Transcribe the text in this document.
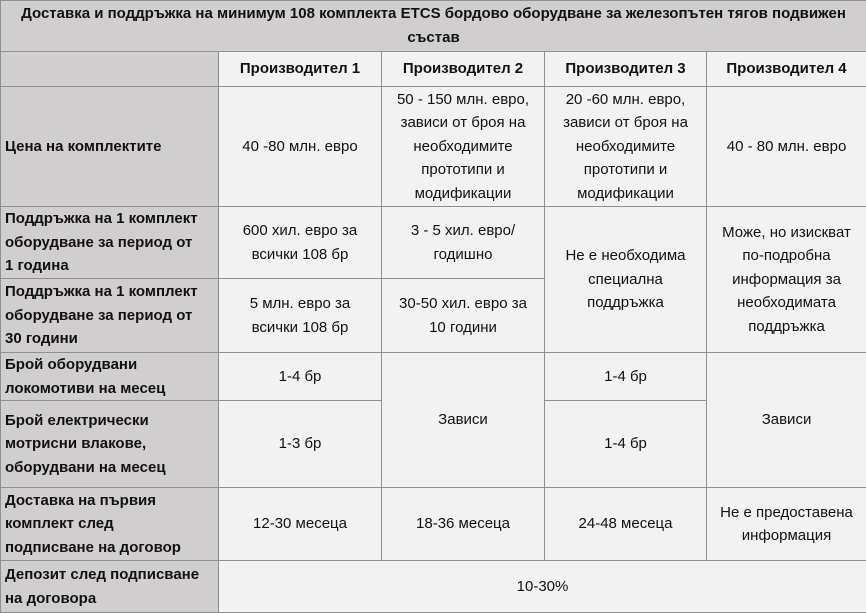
Доставка и поддръжка на минимум 108 комплекта ETCS бордово оборудване за железопътен тягов подвижен състав				
	Производител 1	Производител 2	Производител 3	Производител 4
Цена на комплектите	40 -80 млн. евро	50 - 150 млн. евро,
зависи от броя на
необходимите
прототипи и
модификации	20 -60 млн. евро,
зависи от броя на
необходимите
прототипи и
модификации	40 - 80 млн. евро
Поддръжка на 1 комплект
оборудване за период от
1 година	600 хил. евро за
всички 108 бр	3 - 5 хил. евро/
годишно	Не е необходима
специална
поддръжка	Може, но изискват
по-подробна
информация за
необходимата
поддръжка
Поддръжка на 1 комплект
оборудване за период от
30 години	5 млн. евро за
всички 108 бр	30-50 хил. евро за
10 години		
Брой оборудвани
локомотиви на месец	1-4 бр	Зависи	1-4 бр	Зависи
Брой електрически
мотрисни влакове,
оборудвани на месец	1-3 бр		1-4 бр	
Доставка на първия
комплект след
подписване на договор	12-30 месеца	18-36 месеца	24-48 месеца	Не е предоставена
информация
Депозит след подписване
на договора	10-30%			
